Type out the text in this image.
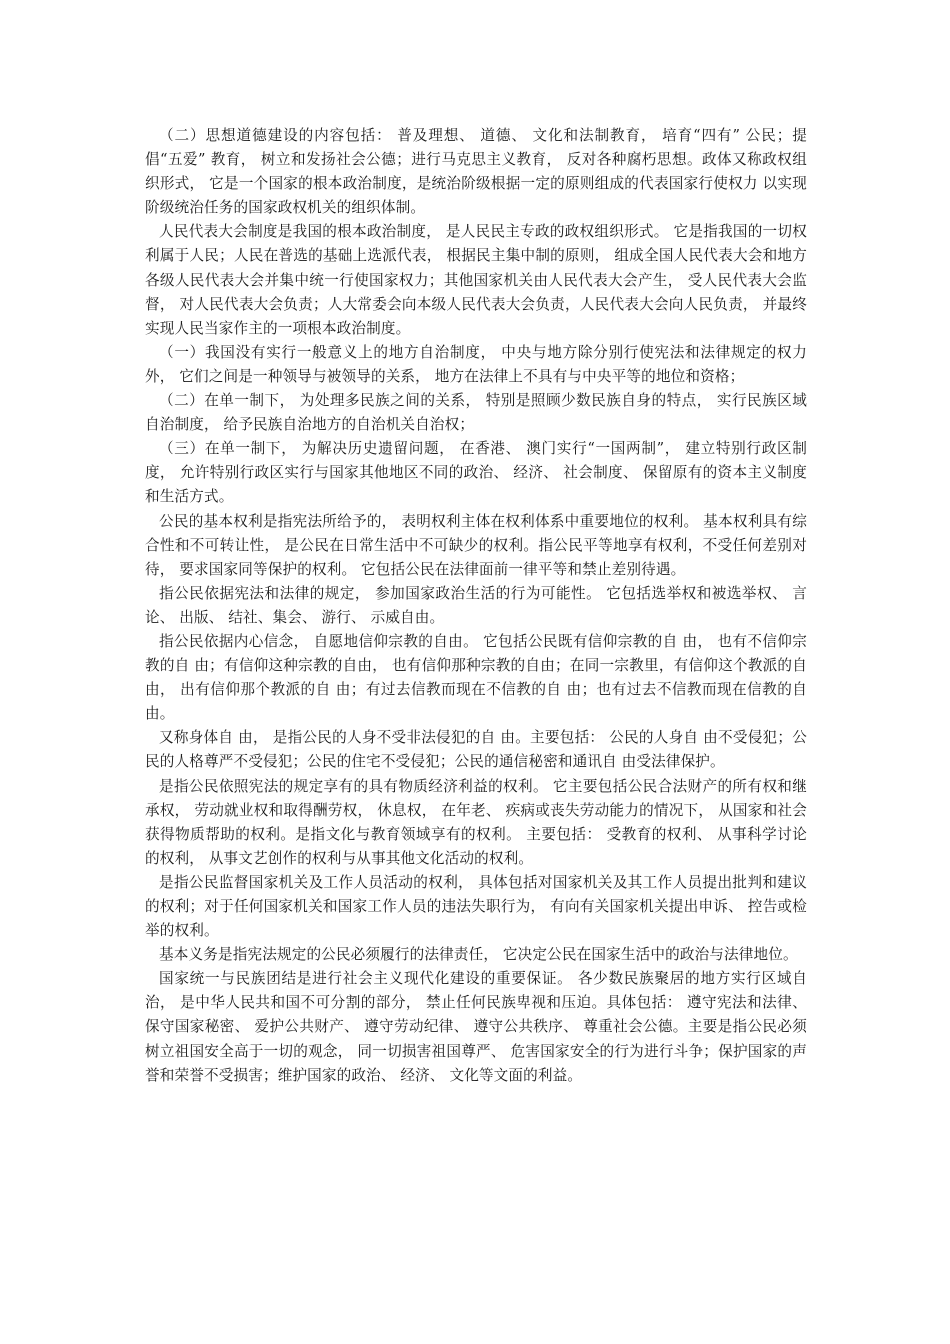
（二）思想道德建设的内容包括： 普及理想、 道德、 文化和法制教育， 培育“四有” 公民；提倡“五爱” 教育， 树立和发扬社会公德；进行马克思主义教育， 反对各种腐朽思想。政体又称政权组织形式， 它是一个国家的根本政治制度，是统治阶级根据一定的原则组成的代表国家行使权力 以实现阶级统治任务的国家政权机关的组织体制。

人民代表大会制度是我国的根本政治制度， 是人民民主专政的政权组织形式。 它是指我国的一切权利属于人民；人民在普选的基础上选派代表， 根据民主集中制的原则， 组成全国人民代表大会和地方各级人民代表大会并集中统一行使国家权力；其他国家机关由人民代表大会产生， 受人民代表大会监督， 对人民代表大会负责；人大常委会向本级人民代表大会负责，人民代表大会向人民负责， 并最终实现人民当家作主的一项根本政治制度。

（一）我国没有实行一般意义上的地方自治制度， 中央与地方除分别行使宪法和法律规定的权力外， 它们之间是一种领导与被领导的关系， 地方在法律上不具有与中央平等的地位和资格；

（二）在单一制下， 为处理多民族之间的关系， 特别是照顾少数民族自身的特点， 实行民族区域自治制度， 给予民族自治地方的自治机关自治权；

（三）在单一制下， 为解决历史遗留问题， 在香港、 澳门实行“一国两制”， 建立特别行政区制度， 允许特别行政区实行与国家其他地区不同的政治、 经济、 社会制度、 保留原有的资本主义制度和生活方式。

公民的基本权利是指宪法所给予的， 表明权利主体在权利体系中重要地位的权利。 基本权利具有综合性和不可转让性， 是公民在日常生活中不可缺少的权利。指公民平等地享有权利，不受任何差别对待， 要求国家同等保护的权利。 它包括公民在法律面前一律平等和禁止差别待遇。

指公民依据宪法和法律的规定， 参加国家政治生活的行为可能性。 它包括选举权和被选举权、 言论、 出版、 结社、集会、 游行、 示威自由。

指公民依据内心信念， 自愿地信仰宗教的自由。 它包括公民既有信仰宗教的自 由， 也有不信仰宗教的自 由；有信仰这种宗教的自由， 也有信仰那种宗教的自由；在同一宗教里，有信仰这个教派的自 由， 出有信仰那个教派的自 由；有过去信教而现在不信教的自 由；也有过去不信教而现在信教的自由。

又称身体自 由， 是指公民的人身不受非法侵犯的自 由。主要包括： 公民的人身自 由不受侵犯；公民的人格尊严不受侵犯；公民的住宅不受侵犯；公民的通信秘密和通讯自 由受法律保护。

是指公民依照宪法的规定享有的具有物质经济利益的权利。 它主要包括公民合法财产的所有权和继承权， 劳动就业权和取得酬劳权， 休息权， 在年老、 疾病或丧失劳动能力的情况下， 从国家和社会获得物质帮助的权利。是指文化与教育领域享有的权利。 主要包括： 受教育的权利、 从事科学讨论的权利， 从事文艺创作的权利与从事其他文化活动的权利。

是指公民监督国家机关及工作人员活动的权利， 具体包括对国家机关及其工作人员提出批判和建议的权利；对于任何国家机关和国家工作人员的违法失职行为， 有向有关国家机关提出申诉、 控告或检举的权利。

基本义务是指宪法规定的公民必须履行的法律责任， 它决定公民在国家生活中的政治与法律地位。

国家统一与民族团结是进行社会主义现代化建设的重要保证。 各少数民族聚居的地方实行区域自治， 是中华人民共和国不可分割的部分， 禁止任何民族卑视和压迫。具体包括： 遵守宪法和法律、 保守国家秘密、 爱护公共财产、 遵守劳动纪律、 遵守公共秩序、 尊重社会公德。主要是指公民必须树立祖国安全高于一切的观念， 同一切损害祖国尊严、 危害国家安全的行为进行斗争；保护国家的声誉和荣誉不受损害；维护国家的政治、 经济、 文化等文面的利益。
